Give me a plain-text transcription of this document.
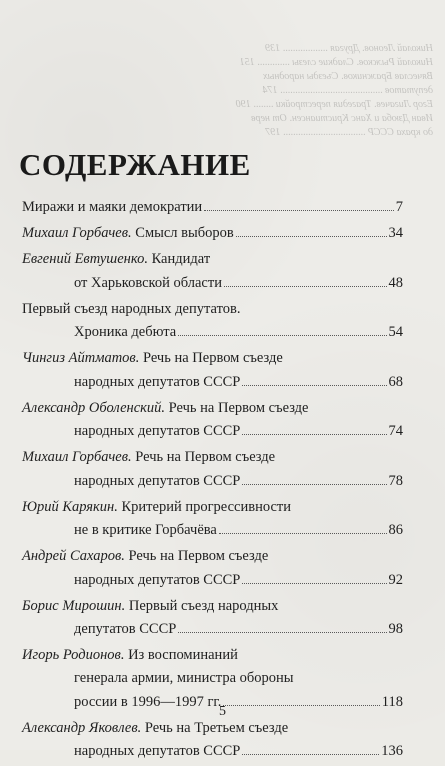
Николай Леонов. Другая .................. 139
Николай Рыжков. Сладкие слезы ............. 151
Вячеслав Бражников. Съезды народных
депутатов ......................................... 174
Егор Лигачев. Трагедия перестройки ........ 190
Иван Дзюба и Ханс Кристиансен. От нерв
до краха СССР ................................. 197
СОДЕРЖАНИЕ
Миражи и маяки демократии	7
Михаил Горбачев. Смысл выборов	34
Евгений Евтушенко. Кандидат
от Харьковской области	48
Первый съезд народных депутатов.
Хроника дебюта	54
Чингиз Айтматов. Речь на Первом съезде
народных депутатов СССР	68
Александр Оболенский. Речь на Первом съезде
народных депутатов СССР	74
Михаил Горбачев. Речь на Первом съезде
народных депутатов СССР	78
Юрий Карякин. Критерий прогрессивности
не в критике Горбачёва	86
Андрей Сахаров. Речь на Первом съезде
народных депутатов СССР	92
Борис Мирошин. Первый съезд народных
депутатов СССР	98
Игорь Родионов. Из воспоминаний
генерала армии, министра обороны
россии в 1996—1997 гг.	118
Александр Яковлев. Речь на Третьем съезде
народных депутатов СССР	136
5
